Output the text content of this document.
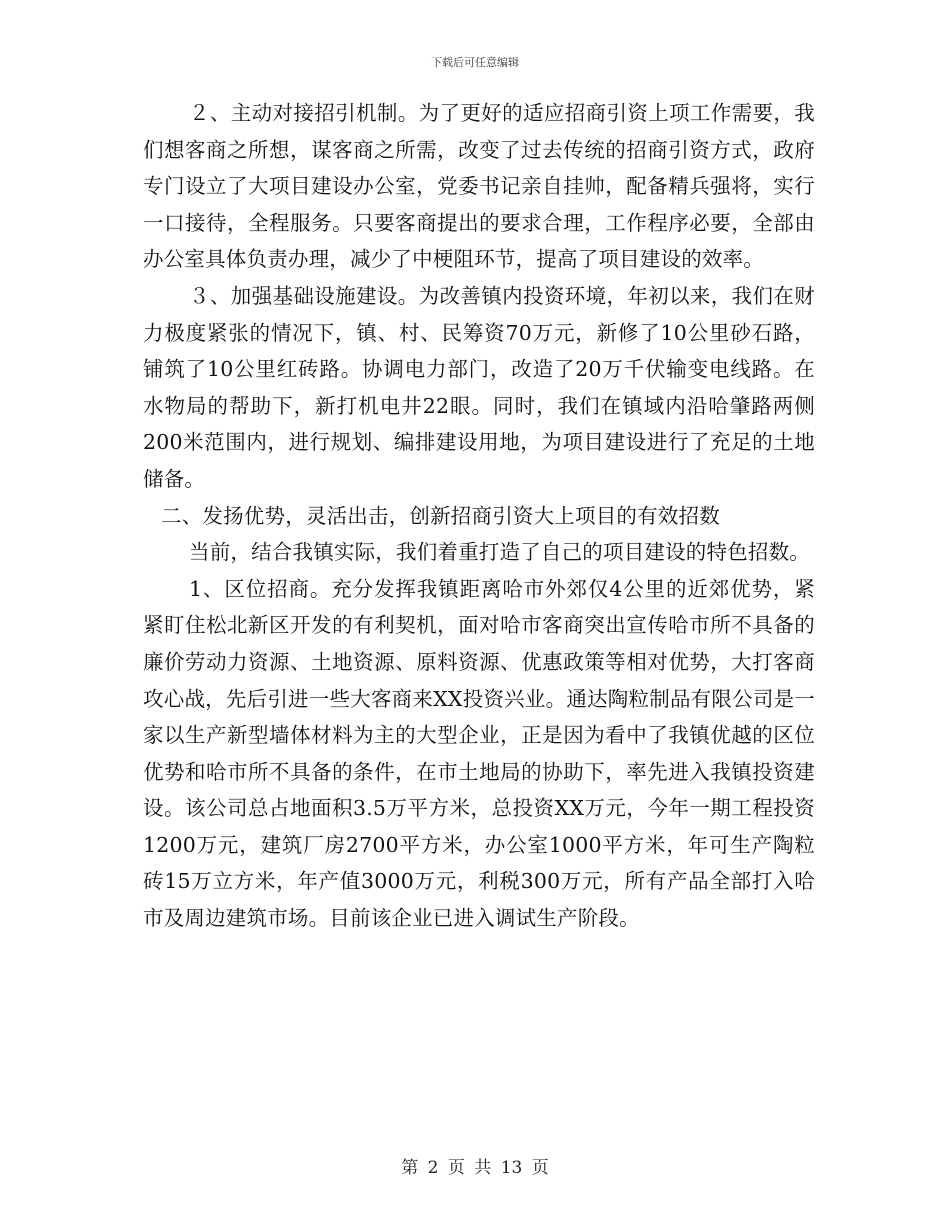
下载后可任意编辑

２、主动对接招引机制。为了更好的适应招商引资上项工作需要，我们想客商之所想，谋客商之所需，改变了过去传统的招商引资方式，政府专门设立了大项目建设办公室，党委书记亲自挂帅，配备精兵强将，实行一口接待，全程服务。只要客商提出的要求合理，工作程序必要，全部由办公室具体负责办理，减少了中梗阻环节，提高了项目建设的效率。

３、加强基础设施建设。为改善镇内投资环境，年初以来，我们在财力极度紧张的情况下，镇、村、民筹资70万元，新修了10公里砂石路，铺筑了10公里红砖路。协调电力部门，改造了20万千伏输变电线路。在水物局的帮助下，新打机电井22眼。同时，我们在镇域内沿哈肇路两侧200米范围内，进行规划、编排建设用地，为项目建设进行了充足的土地储备。

二、发扬优势，灵活出击，创新招商引资大上项目的有效招数

当前，结合我镇实际，我们着重打造了自己的项目建设的特色招数。

1、区位招商。充分发挥我镇距离哈市外郊仅4公里的近郊优势，紧紧盯住松北新区开发的有利契机，面对哈市客商突出宣传哈市所不具备的廉价劳动力资源、土地资源、原料资源、优惠政策等相对优势，大打客商攻心战，先后引进一些大客商来XX投资兴业。通达陶粒制品有限公司是一家以生产新型墙体材料为主的大型企业，正是因为看中了我镇优越的区位优势和哈市所不具备的条件，在市土地局的协助下，率先进入我镇投资建设。该公司总占地面积3.5万平方米，总投资XX万元，今年一期工程投资1200万元，建筑厂房2700平方米，办公室1000平方米，年可生产陶粒砖15万立方米，年产值3000万元，利税300万元，所有产品全部打入哈市及周边建筑市场。目前该企业已进入调试生产阶段。

第 2 页 共 13 页
